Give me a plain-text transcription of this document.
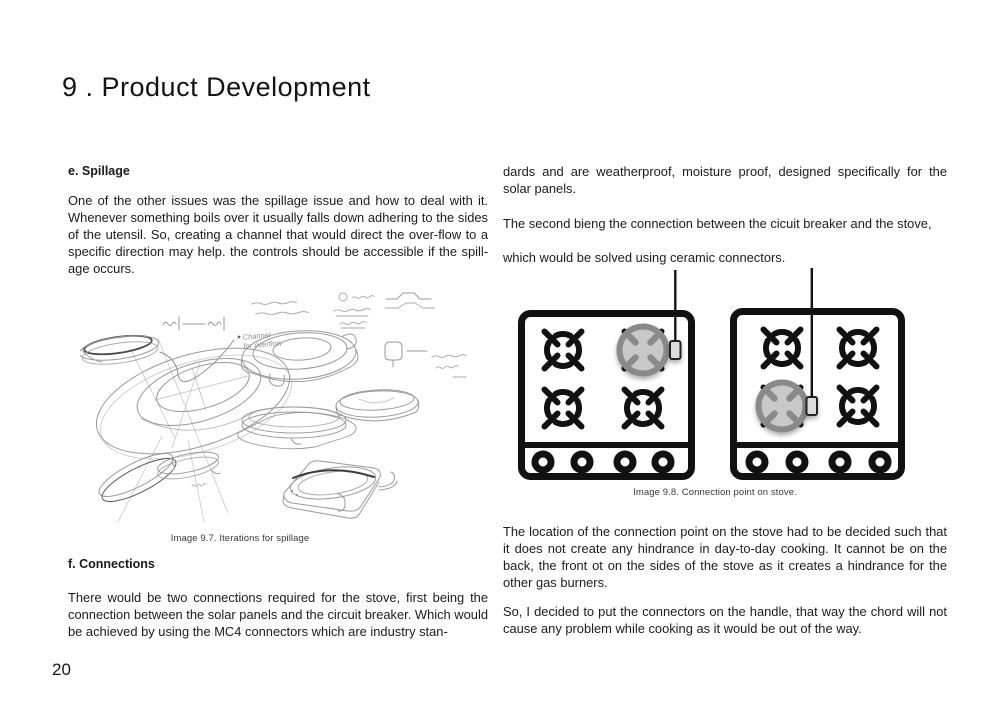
9 . Product Development
e. Spillage
One of the other issues was the spillage issue and how to deal with it. Whenever something boils over it usually falls down adhering to the sides of the utensil. So, creating a channel that would direct the over-flow to a specific direction may help. the controls should be accessible if the spill-age occurs.
Channel
for overflow
Image 9.7. Iterations for spillage
f. Connections
There would be two connections required for the stove, first being the connection between the solar panels and the circuit breaker. Which would be achieved by using the MC4 connectors which are industry stan-
20
dards and are weatherproof, moisture proof, designed specifically for the solar panels.
The second bieng the connection between the cicuit breaker and the stove,
which would be solved using ceramic connectors.
Image 9.8. Connection point on stove.
The location of the connection point on the stove had to be decided such that it does not create any hindrance in day-to-day cooking. It cannot be on the back, the front ot on the sides of the stove as it creates a hindrance for the other gas burners.
So, I decided to put the connectors on the handle, that way the chord will not cause any problem while cooking as it would be out of the way.
